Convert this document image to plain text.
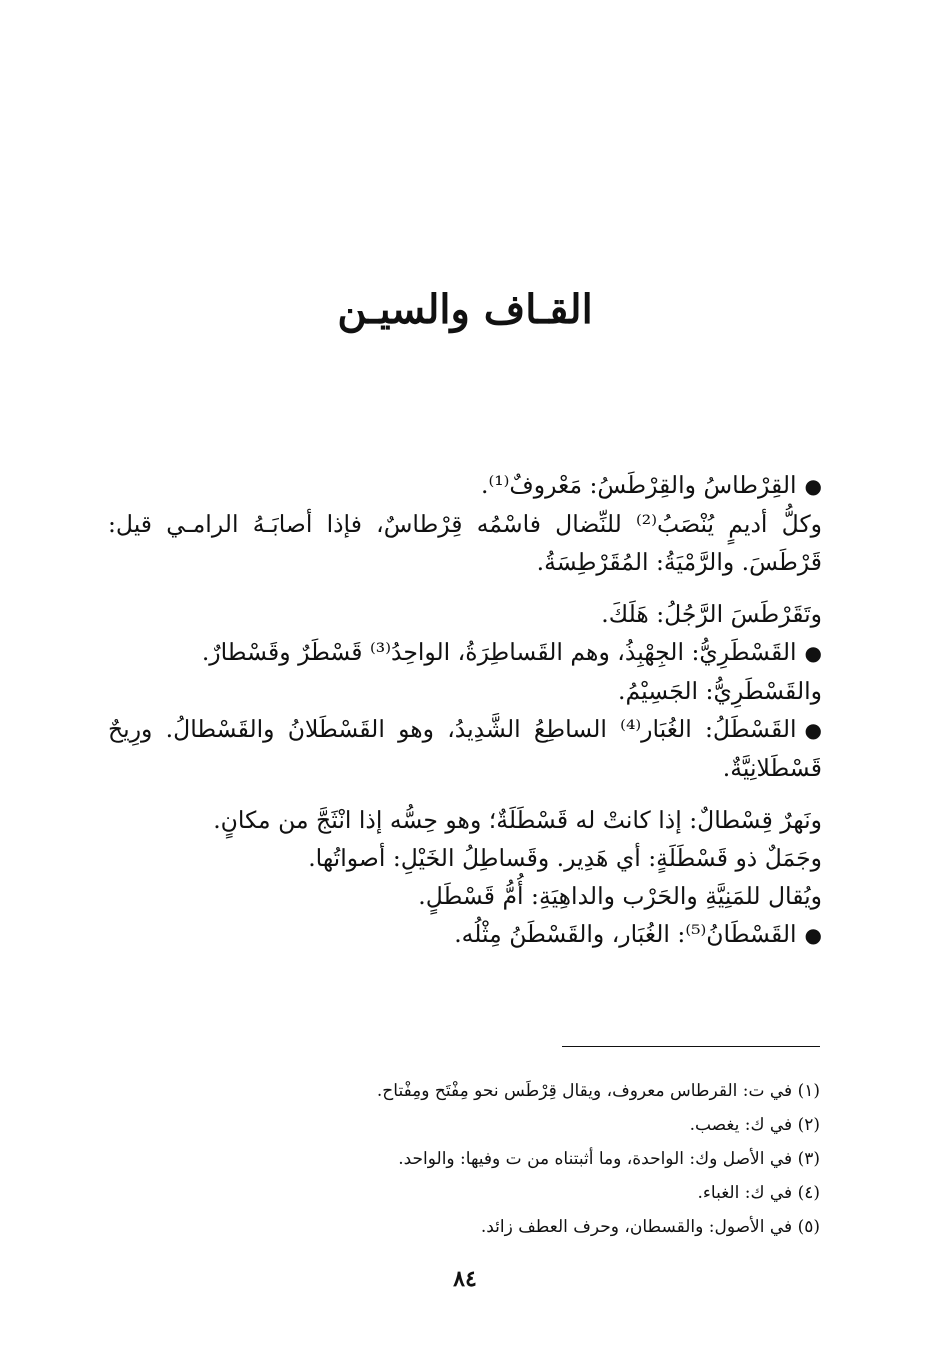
القـاف والسيـن

●القِرْطاسُ والقِرْطَسُ: مَعْروفٌ⁽¹⁾.

وكلُّ أديمٍ يُنْصَبُ⁽²⁾ للنِّضال فاسْمُه قِرْطاسٌ، فإذا أصابَـهُ الرامـي قيل: قَرْطَسَ. والرَّمْيَةُ: المُقَرْطِسَةُ.

وتَقَرْطَسَ الرَّجُلُ: هَلَكَ.

●القَسْطَرِيُّ: الجِهْبِذُ، وهم القَساطِرَةُ، الواحِدُ⁽³⁾ قَسْطَرٌ وقَسْطارٌ.

والقَسْطَرِيُّ: الجَسِيْمُ.

●القَسْطَلُ: الغُبَار⁽⁴⁾ الساطِعُ الشَّدِيدُ، وهو القَسْطَلانُ والقَسْطالُ. ورِيحٌ قَسْطَلانِيَّةٌ.

ونَهرٌ قِسْطالٌ: إذا كانتْ له قَسْطَلَةٌ؛ وهو حِسُّه إذا انْثَجَّ من مكانٍ.

وجَمَلٌ ذو قَسْطَلَةٍ: أي هَدِير. وقَساطِلُ الخَيْلِ: أصواتُها.

ويُقال للمَنِيَّةِ والحَرْب والداهِيَةِ: أُمُّ قَسْطَلٍ.

●القَسْطَانُ⁽⁵⁾: الغُبَار، والقَسْطَنُ مِثْلُه.

(١) في ت: القرطاس معروف، ويقال قِرْطَس نحو مِفْتَح ومِفْتاح.

(٢) في ك: يغصب.

(٣) في الأصل وك: الواحدة، وما أثبتناه من ت وفيها: والواحد.

(٤) في ك: الغباء.

(٥) في الأصول: والقسطان، وحرف العطف زائد.

٨٤
